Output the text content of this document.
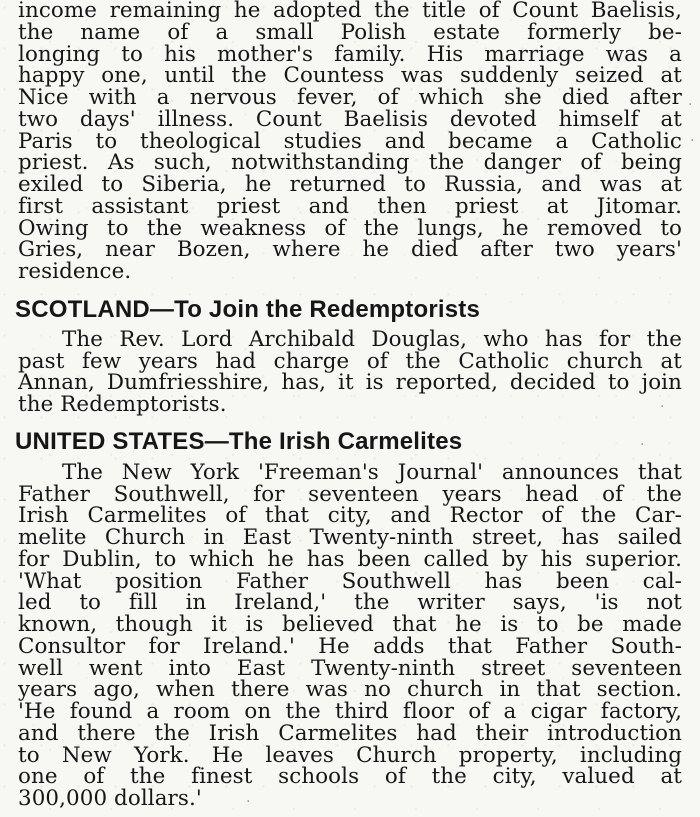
income remaining he adopted the title of Count Baelisis,
the name of a small Polish estate formerly be-
longing to his mother's family. His marriage was a
happy one, until the Countess was suddenly seized at
Nice with a nervous fever, of which she died after
two days' illness. Count Baelisis devoted himself at
Paris to theological studies and became a Catholic
priest. As such, notwithstanding the danger of being
exiled to Siberia, he returned to Russia, and was at
first assistant priest and then priest at Jitomar.
Owing to the weakness of the lungs, he removed to
Gries, near Bozen, where he died after two years'
residence.
SCOTLAND—To Join the Redemptorists
The Rev. Lord Archibald Douglas, who has for the
past few years had charge of the Catholic church at
Annan, Dumfriesshire, has, it is reported, decided to join
the Redemptorists.
UNITED STATES—The Irish Carmelites
The New York 'Freeman's Journal' announces that
Father Southwell, for seventeen years head of the
Irish Carmelites of that city, and Rector of the Car-
melite Church in East Twenty-ninth street, has sailed
for Dublin, to which he has been called by his superior.
'What position Father Southwell has been cal-
led to fill in Ireland,' the writer says, 'is not
known, though it is believed that he is to be made
Consultor for Ireland.' He adds that Father South-
well went into East Twenty-ninth street seventeen
years ago, when there was no church in that section.
'He found a room on the third floor of a cigar factory,
and there the Irish Carmelites had their introduction
to New York. He leaves Church property, including
one of the finest schools of the city, valued at
300,000 dollars.'
·
·
·
·
·
